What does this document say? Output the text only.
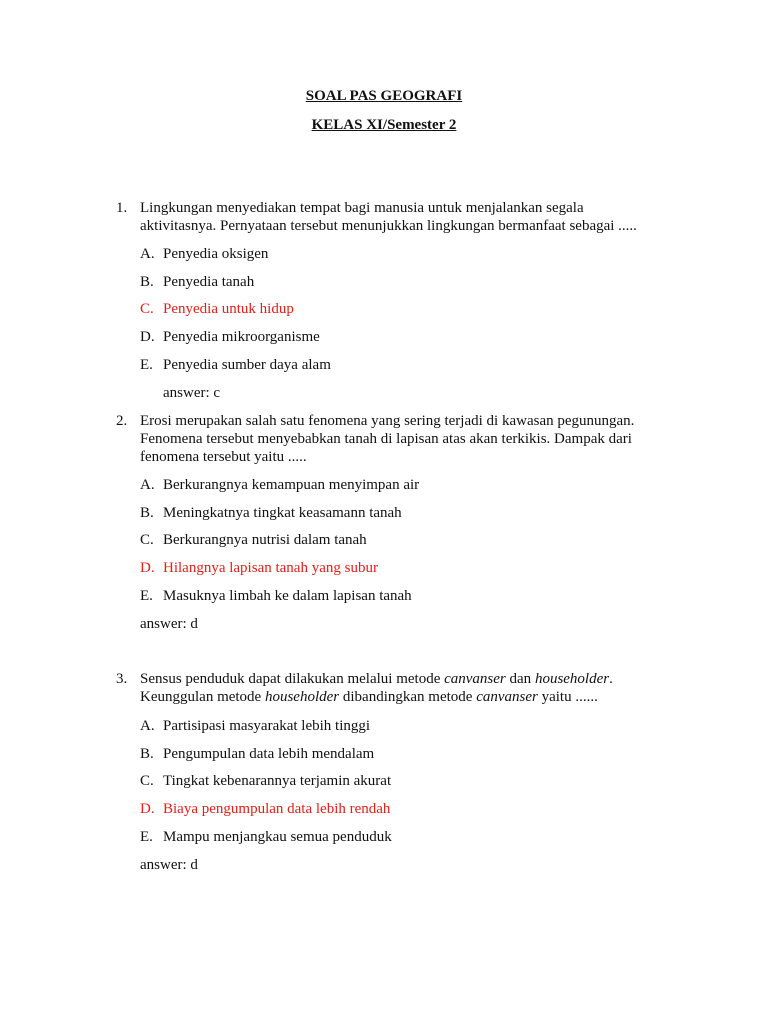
SOAL PAS GEOGRAFI
KELAS XI/Semester 2
1. Lingkungan menyediakan tempat bagi manusia untuk menjalankan segala
aktivitasnya. Pernyataan tersebut menunjukkan lingkungan bermanfaat sebagai .....
A. Penyedia oksigen
B. Penyedia tanah
C. Penyedia untuk hidup
D. Penyedia mikroorganisme
E. Penyedia sumber daya alam
answer: c
2. Erosi merupakan salah satu fenomena yang sering terjadi di kawasan pegunungan.
Fenomena tersebut menyebabkan tanah di lapisan atas akan terkikis. Dampak dari
fenomena tersebut yaitu .....
A. Berkurangnya kemampuan menyimpan air
B. Meningkatnya tingkat keasamann tanah
C. Berkurangnya nutrisi dalam tanah
D. Hilangnya lapisan tanah yang subur
E. Masuknya limbah ke dalam lapisan tanah
answer: d
3. Sensus penduduk dapat dilakukan melalui metode canvanser dan householder.
Keunggulan metode householder dibandingkan metode canvanser yaitu ......
A. Partisipasi masyarakat lebih tinggi
B. Pengumpulan data lebih mendalam
C. Tingkat kebenarannya terjamin akurat
D. Biaya pengumpulan data lebih rendah
E. Mampu menjangkau semua penduduk
answer: d
